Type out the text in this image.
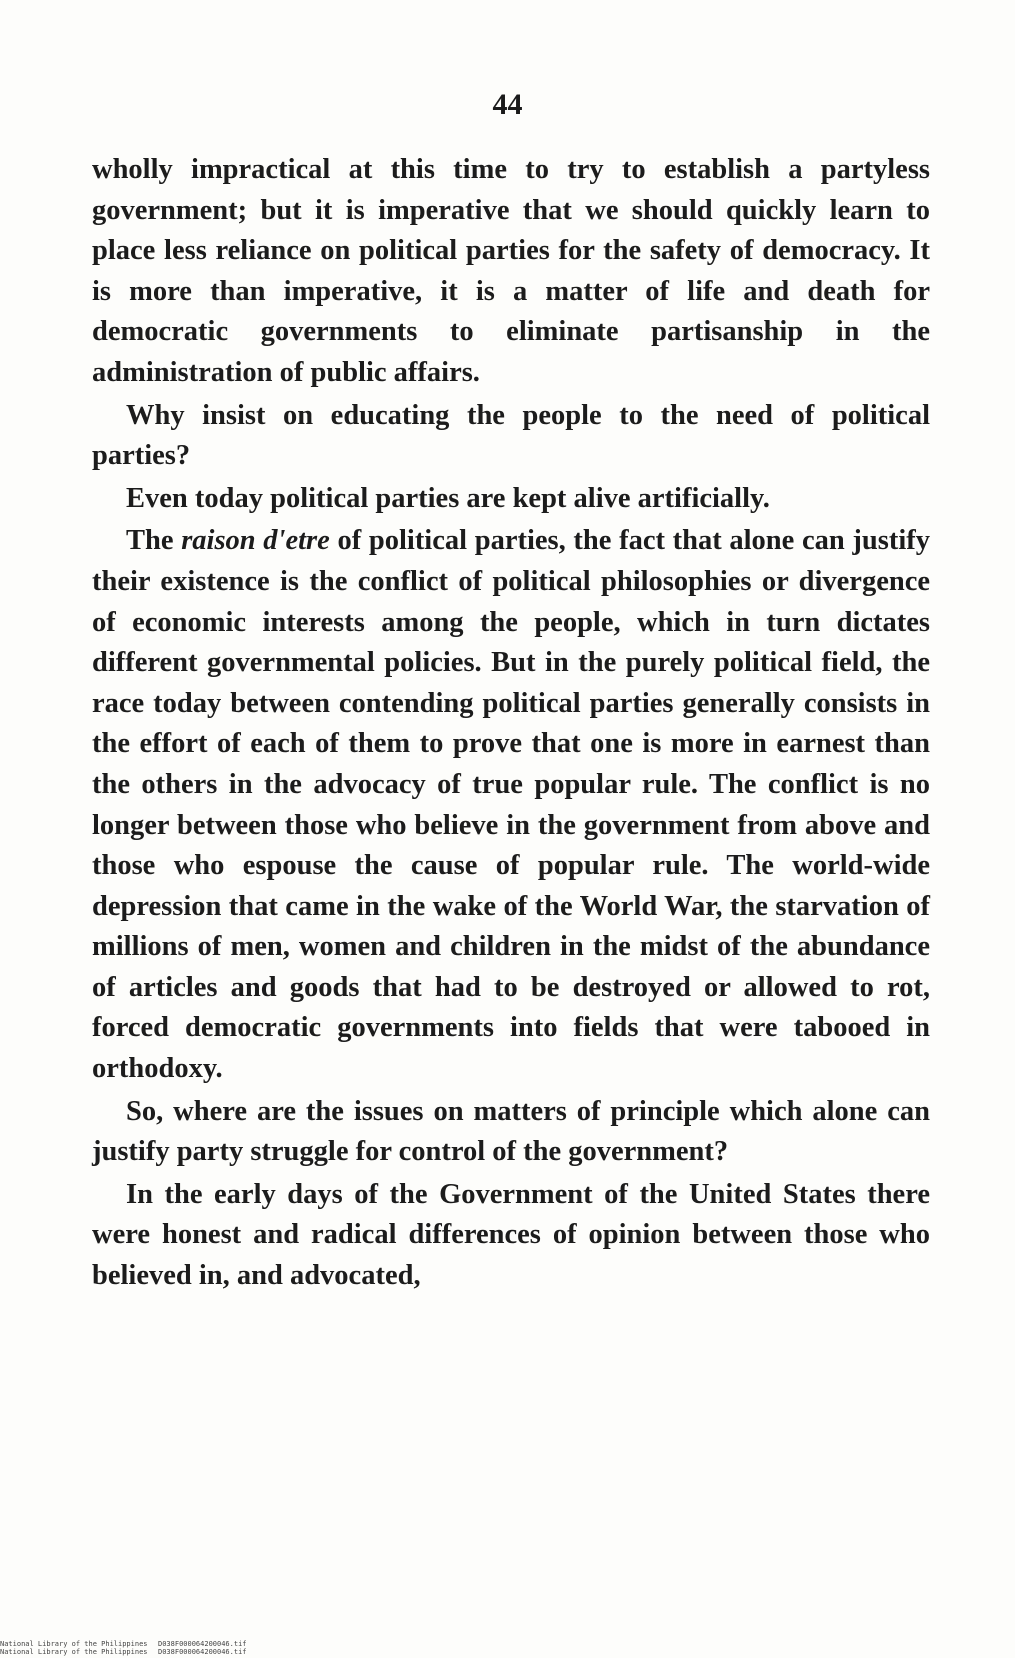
44

wholly impractical at this time to try to establish a partyless government; but it is imperative that we should quickly learn to place less reliance on political parties for the safety of democracy. It is more than imperative, it is a matter of life and death for democratic governments to eliminate partisanship in the administration of public affairs.

Why insist on educating the people to the need of political parties?

Even today political parties are kept alive artificially.

The raison d'etre of political parties, the fact that alone can justify their existence is the conflict of political philosophies or divergence of economic interests among the people, which in turn dictates different governmental policies. But in the purely political field, the race today between contending political parties generally consists in the effort of each of them to prove that one is more in earnest than the others in the advocacy of true popular rule. The conflict is no longer between those who believe in the government from above and those who espouse the cause of popular rule. The world-wide depression that came in the wake of the World War, the starvation of millions of men, women and children in the midst of the abundance of articles and goods that had to be destroyed or allowed to rot, forced democratic governments into fields that were tabooed in orthodoxy.

So, where are the issues on matters of principle which alone can justify party struggle for control of the government?

In the early days of the Government of the United States there were honest and radical differences of opinion between those who believed in, and advocated,

National Library of the Philippines D038F000064200046.tif
National Library of the Philippines D038F000064200046.tif
